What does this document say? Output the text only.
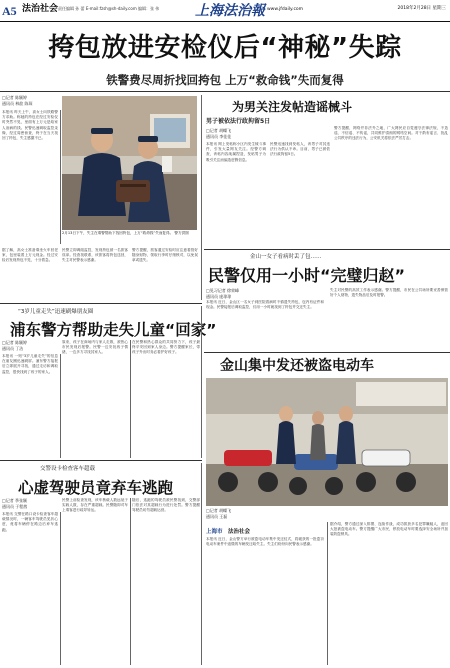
A5 法治社会 责任编辑 孙 蕾 E-mail:fzsh@sh-daily.com 编辑：张 伟	上海法治報 www.jfdaily.com	2018年2月28日 星期三
挎包放进安检仪后“神秘”失踪
铁警费尽周折找回挎包 上万“救命钱”失而复得
□记者 陈颖婷
通讯员 林歆 陈琛
本报讯 昨天上午，高女士向铁路警方求助。称她的挎包在经过安检仪时突然不见，里面有上万元是给家人治病的钱。民警迅速调取监控录像，经过周密侦查，终于在当天找回了挎包，失主感激不已。
2月13日下午，失主在乘警帮助下找回挎包，上万“救命钱”失而复得。 警方供图
据了解，高女士准备乘坐火车回老家，包里装着上万元现金。经过安检后发现挎包不见，十分着急。
民警立即调阅监控，发现挎包被一名旅客误拿。经查找联系，该旅客将挎包送回，失主对民警表示感谢。
警方提醒，旅客通过安检时应注意看管好随身财物，领取行李时仔细核对，以免误拿或遗失。
为男关注发帖造谣械斗
男子被依法行政拘留5日
□记者 胡蝶飞
通讯员 李佳佳
本报讯 网上发帖称小区内发生械斗事件，引发大量网友关注。经警方调查，该帖内容纯属捏造，发帖男子为吸引关注而编造虚假信息。
民警迅速找到发帖人，该男子对其违法行为供认不讳。目前，男子已被依法行政拘留5日。
警方提醒，网络并非法外之地，广大网民应自觉遵守法律法规，不造谣、不信谣、不传谣，共同维护清朗的网络空间。对于散布谣言、扰乱公共秩序的违法行为，公安机关将依法严厉打击。
金山一女子看病时丢了包……
民警仅用一小时“完璧归赵”
□见习记者 徐荣峰
通讯员 庞琼琼
本报讯 近日，金山区一名女子到医院看病时不慎遗失挎包，包内有证件和现金。民警接报后调取监控，仅用一小时就找到了挎包并交还失主。
失主对民警的高效工作表示感谢。警方提醒，市民在公共场所要妥善保管好个人财物，遗失物品后及时报警。
“3岁儿童走失”迅速刷爆朋友圈
浦东警方帮助走失儿童“回家”
□记者 陈颖婷
通讯员 丁洁
本报讯 一则“3岁儿童走失”的信息在朋友圈迅速刷屏。浦东警方接报后立即展开寻找，通过走访和调取监控，很快找到了孩子的家人。
原来，孩子在商场内与家人走散，被热心市民发现后报警。民警一边安抚孩子情绪，一边多方寻找其家人。
在民警和热心群众的共同努力下，孩子最终平安回到家人身边。警方提醒家长，带孩子外出时务必看护好孩子。
金山集中发还被盗电动车
□记者 胡蝶飞
通讯员 王磊
上海市 法治社会
本报讯 近日，金山警方举行被盗电动车集中发还仪式，将破获的一批盗窃电动车案件中追缴的车辆发还给失主。失主们纷纷向民警表示感谢。
据介绍，警方通过深入排摸、连续作战，成功抓获多名犯罪嫌疑人，追回大批被盗电动车。警方提醒广大市民，停放电动车时要选择安全场所并加装防盗锁具。
交警设卡检查客车超载
心虚驾驶员竟弃车逃跑
□记者 季张颖
通讯员 于程茜
本报讯 交警在路口设卡检查客车超载情况时，一辆客车驾驶员见状心虚，竟将车辆停在路边后弃车逃跑。
民警上前检查发现，该车核载人数远低于实载人数，存在严重超载。民警随即对车上乘客进行疏导转运。
随后，逃跑的驾驶员被民警找到，交警部门依法对其超载行为进行处罚。警方提醒驾驶员切勿超载运营。
